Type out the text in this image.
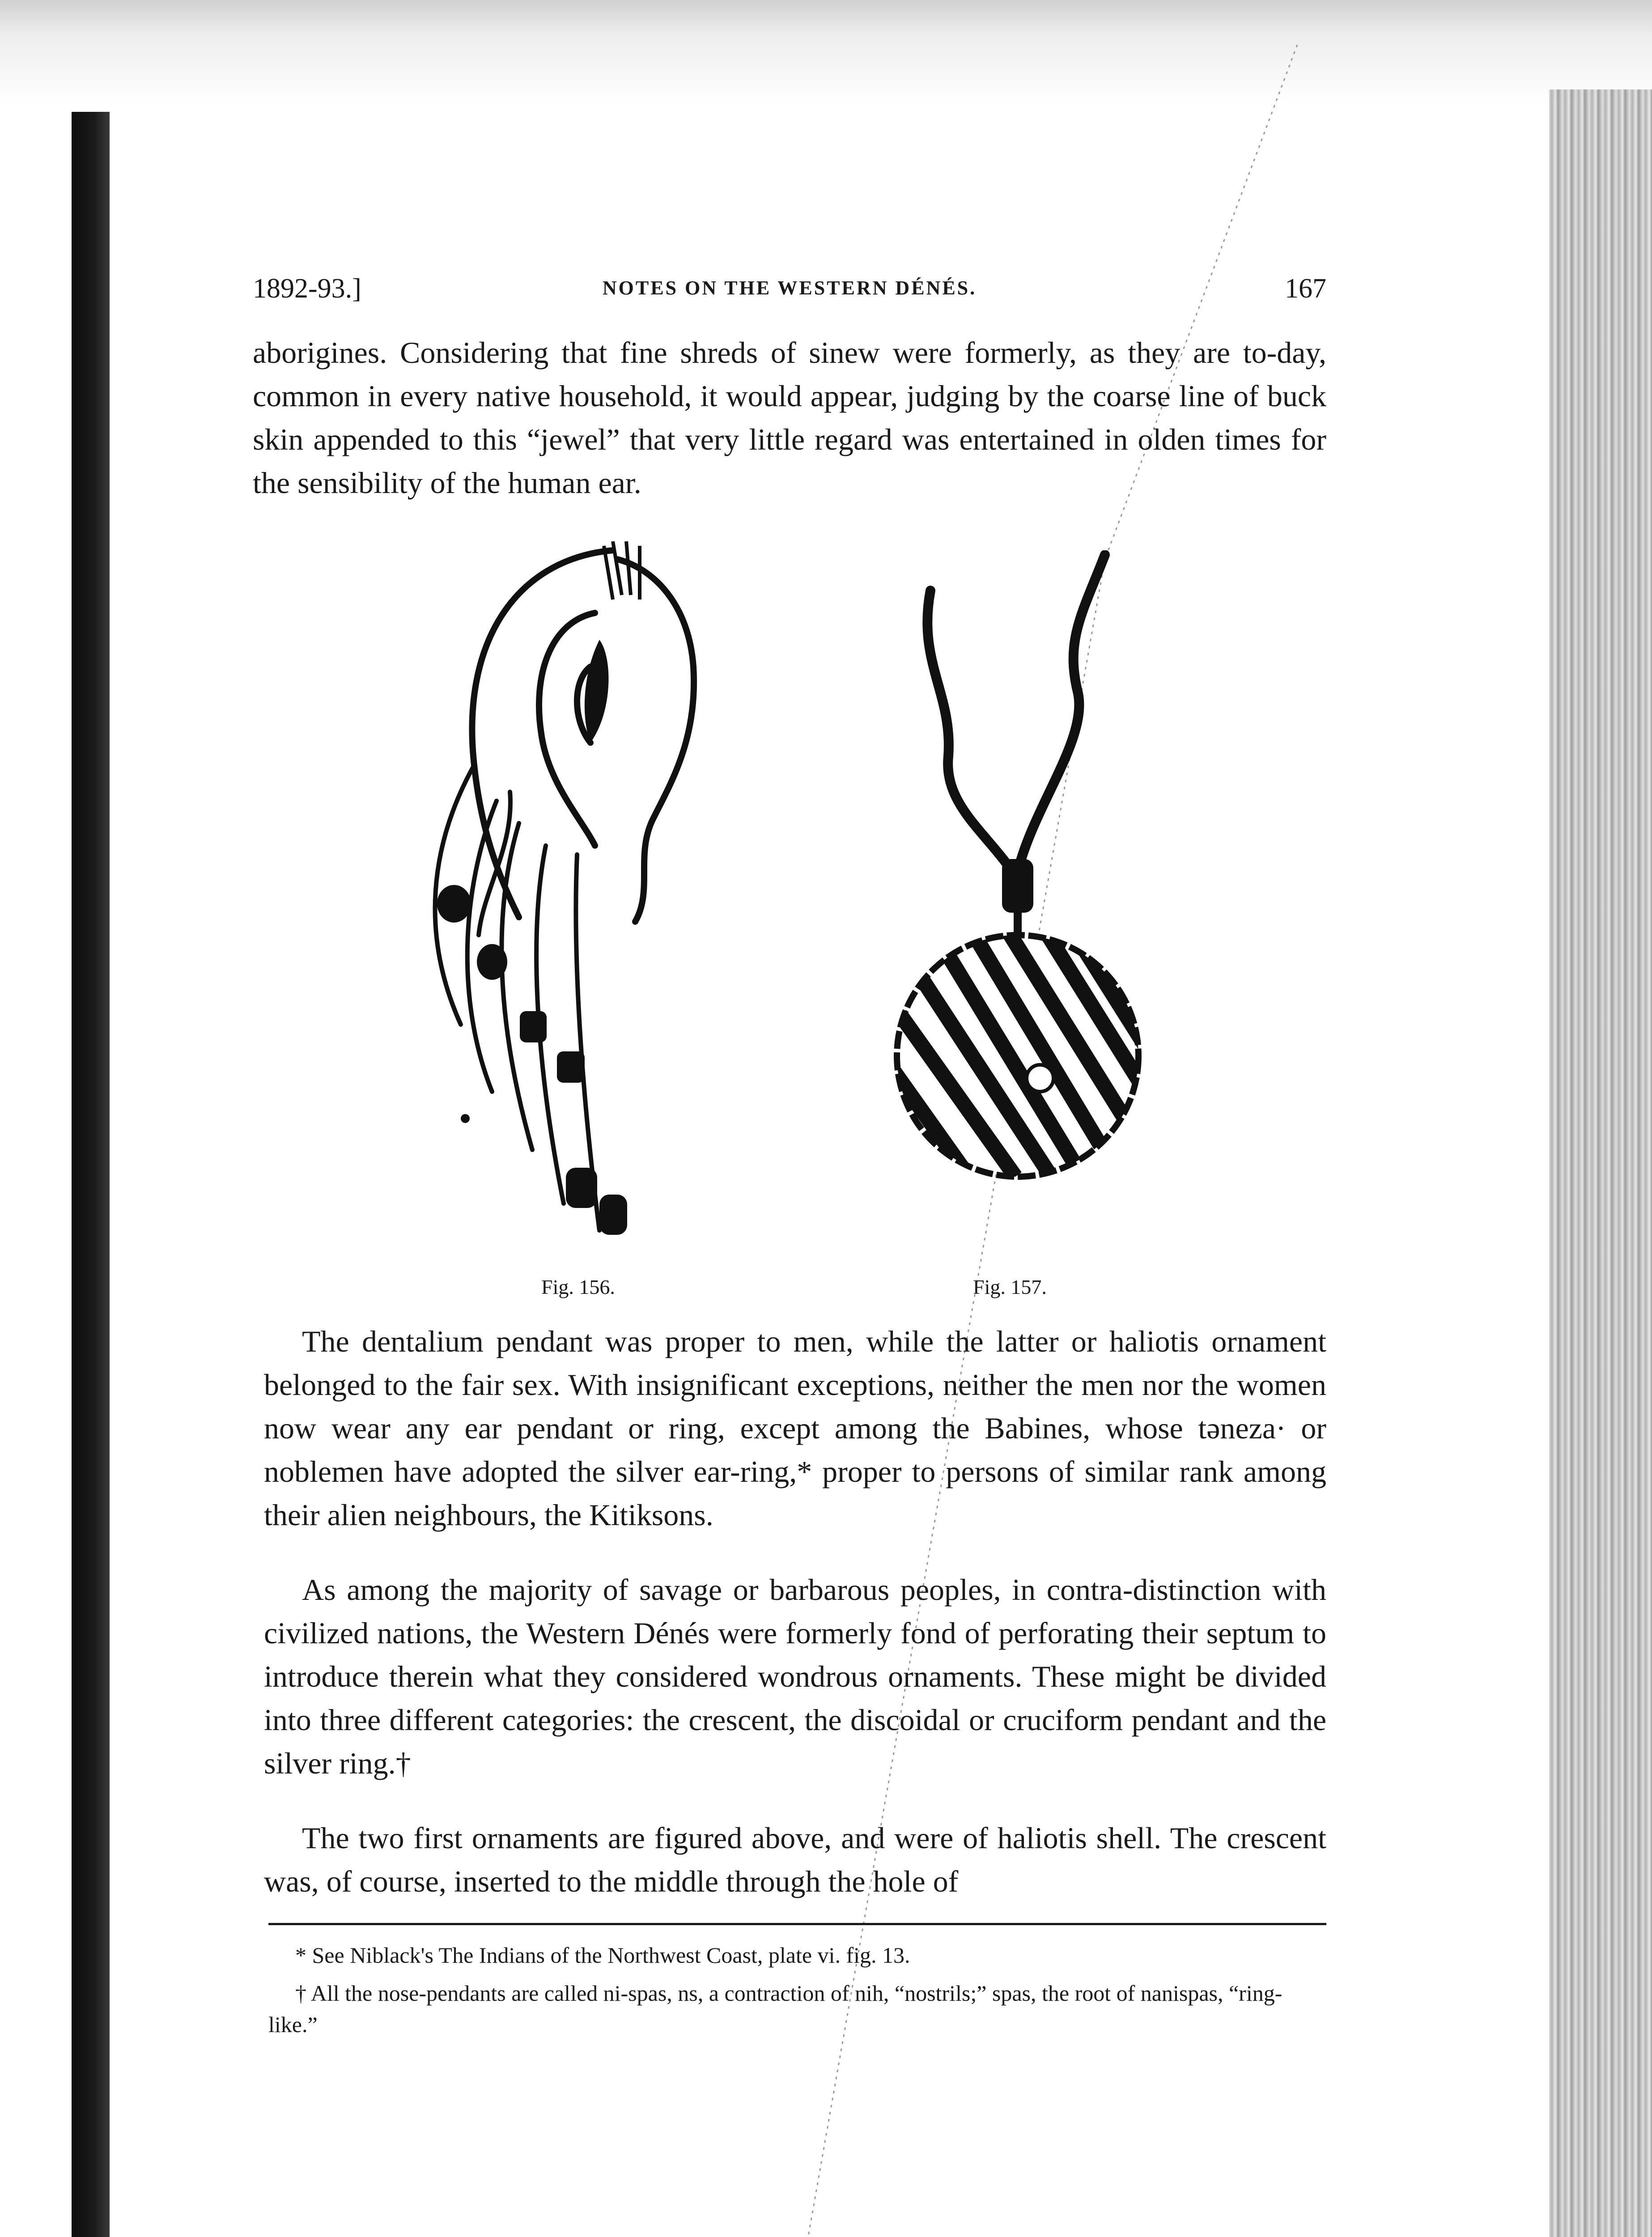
1892-93.]	NOTES ON THE WESTERN DÉNÉS.	167

aborigines. Considering that fine shreds of sinew were formerly, as they are to-day, common in every native household, it would appear, judging by the coarse line of buck skin appended to this “jewel” that very little regard was entertained in olden times for the sensibility of the human ear.

Fig. 156.	Fig. 157.

The dentalium pendant was proper to men, while the latter or haliotis ornament belonged to the fair sex. With insignificant exceptions, neither the men nor the women now wear any ear pendant or ring, except among the Babines, whose təneza· or noblemen have adopted the silver ear-ring,* proper to persons of similar rank among their alien neighbours, the Kitiksons.

As among the majority of savage or barbarous peoples, in contra-distinction with civilized nations, the Western Dénés were formerly fond of perforating their septum to introduce therein what they considered wondrous ornaments. These might be divided into three different categories: the crescent, the discoidal or cruciform pendant and the silver ring.†

The two first ornaments are figured above, and were of haliotis shell. The crescent was, of course, inserted to the middle through the hole of

* See Niblack's The Indians of the Northwest Coast, plate vi. fig. 13.

† All the nose-pendants are called ni-spas, ns, a contraction of nih, “nostrils;” spas, the root of nanispas, “ring-like.”
